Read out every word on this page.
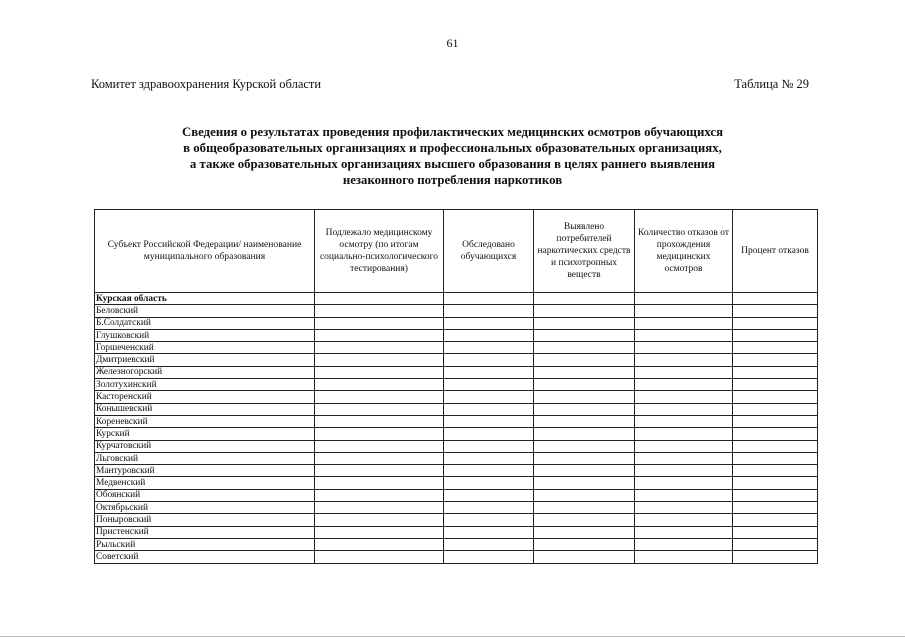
61
Комитет здравоохранения Курской области	Таблица № 29
Сведения о результатах проведения профилактических медицинских осмотров обучающихся
в общеобразовательных организациях и профессиональных образовательных организациях,
а также образовательных организациях высшего образования в целях раннего выявления
незаконного потребления наркотиков
Субъект Российской Федерации/ наименование муниципального образования	Подлежало медицинскому осмотру (по итогам социально-психологического тестирования)	Обследовано обучающихся	Выявлено потребителей наркотических средств и психотропных веществ	Количество отказов от прохождения медицинских осмотров	Процент отказов
Курская область					
Беловский					
Б.Солдатский					
Глушковский					
Горшеченский					
Дмитриевский					
Железногорский					
Золотухинский					
Касторенский					
Конышевский					
Кореневский					
Курский					
Курчатовский					
Льговский					
Мантуровский					
Медвенский					
Обоянский					
Октябрьский					
Поныровский					
Пристенский					
Рыльский					
Советский					
